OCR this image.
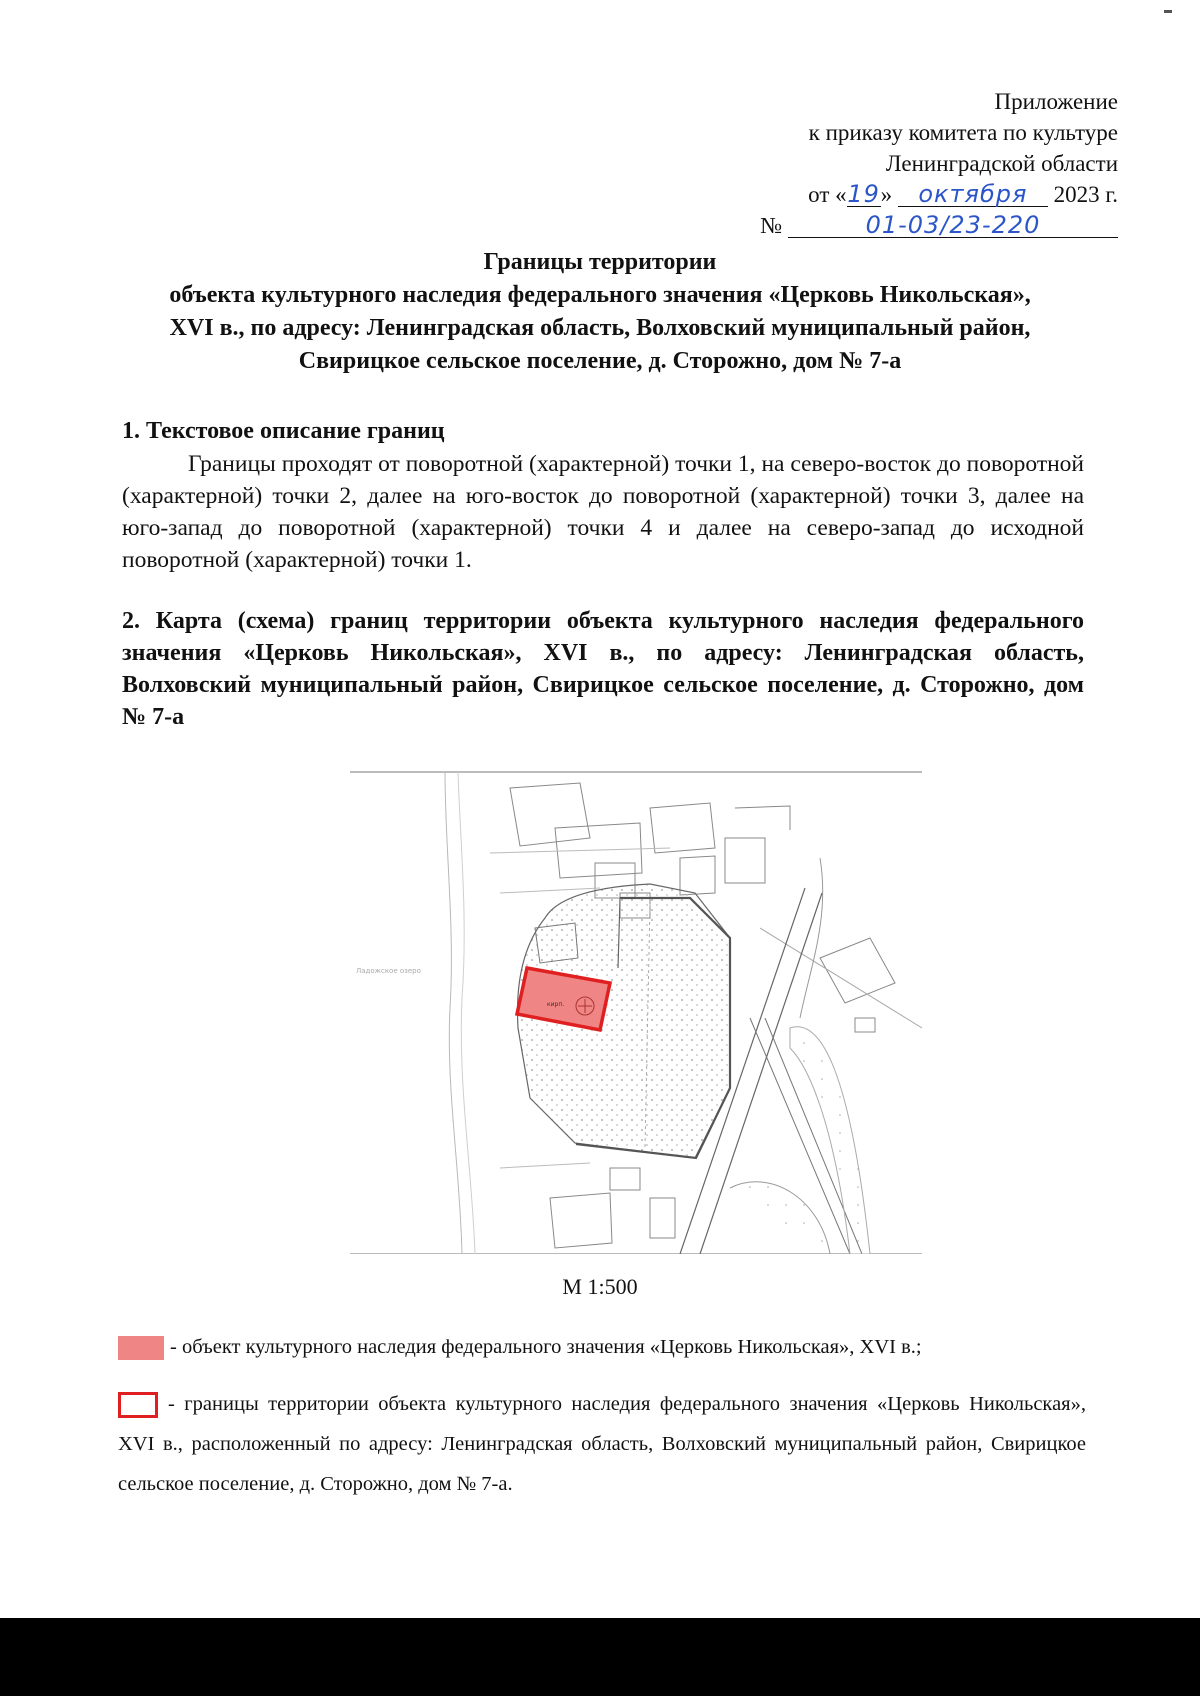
Приложение
к приказу комитета по культуре
Ленинградской области
от «19» октября 2023 г.
№	01-03/23-220
Границы территории
объекта культурного наследия федерального значения «Церковь Никольская»,
XVI в., по адресу: Ленинградская область, Волховский муниципальный район,
Свирицкое сельское поселение, д. Сторожно, дом № 7-а
1. Текстовое описание границ
Границы проходят от поворотной (характерной) точки 1, на северо-восток до поворотной (характерной) точки 2, далее на юго-восток до поворотной (характерной) точки 3, далее на юго-запад до поворотной (характерной) точки 4 и далее на северо-запад до исходной поворотной (характерной) точки 1.
2. Карта (схема) границ территории объекта культурного наследия федерального значения «Церковь Никольская», XVI в., по адресу: Ленинградская область, Волховский муниципальный район, Свирицкое сельское поселение, д. Сторожно, дом № 7-а
Ладожское озеро
кирп.
М 1:500
- объект культурного наследия федерального значения «Церковь Никольская», XVI в.;
- границы территории объекта культурного наследия федерального значения «Церковь Никольская», XVI в., расположенный по адресу: Ленинградская область, Волховский муниципальный район, Свирицкое сельское поселение, д. Сторожно, дом № 7-а.
